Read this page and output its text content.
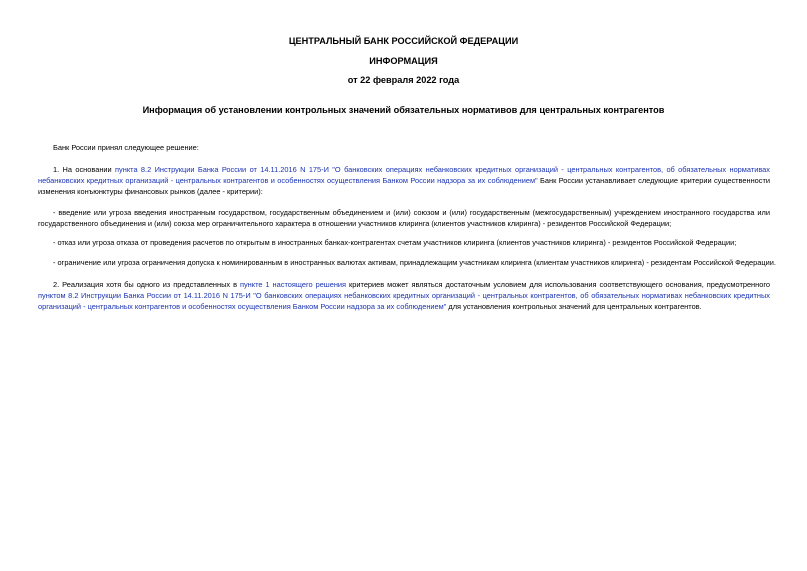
ЦЕНТРАЛЬНЫЙ БАНК РОССИЙСКОЙ ФЕДЕРАЦИИ
ИНФОРМАЦИЯ
от 22 февраля 2022 года
Информация об установлении контрольных значений обязательных нормативов для центральных контрагентов

Банк России принял следующее решение:

1. На основании пункта 8.2 Инструкции Банка России от 14.11.2016 N 175-И "О банковских операциях небанковских кредитных организаций - центральных контрагентов, об обязательных нормативах небанковских кредитных организаций - центральных контрагентов и особенностях осуществления Банком России надзора за их соблюдением" Банк России устанавливает следующие критерии существенности изменения конъюнктуры финансовых рынков (далее - критерии):

- введение или угроза введения иностранным государством, государственным объединением и (или) союзом и (или) государственным (межгосударственным) учреждением иностранного государства или государственного объединения и (или) союза мер ограничительного характера в отношении участников клиринга (клиентов участников клиринга) - резидентов Российской Федерации;

- отказ или угроза отказа от проведения расчетов по открытым в иностранных банках-контрагентах счетам участников клиринга (клиентов участников клиринга) - резидентов Российской Федерации;

- ограничение или угроза ограничения допуска к номинированным в иностранных валютах активам, принадлежащим участникам клиринга (клиентам участников клиринга) - резидентам Российской Федерации.

2. Реализация хотя бы одного из представленных в пункте 1 настоящего решения критериев может являться достаточным условием для использования соответствующего основания, предусмотренного пунктом 8.2 Инструкции Банка России от 14.11.2016 N 175-И "О банковских операциях небанковских кредитных организаций - центральных контрагентов, об обязательных нормативах небанковских кредитных организаций - центральных контрагентов и особенностях осуществления Банком России надзора за их соблюдением" для установления контрольных значений для центральных контрагентов.
